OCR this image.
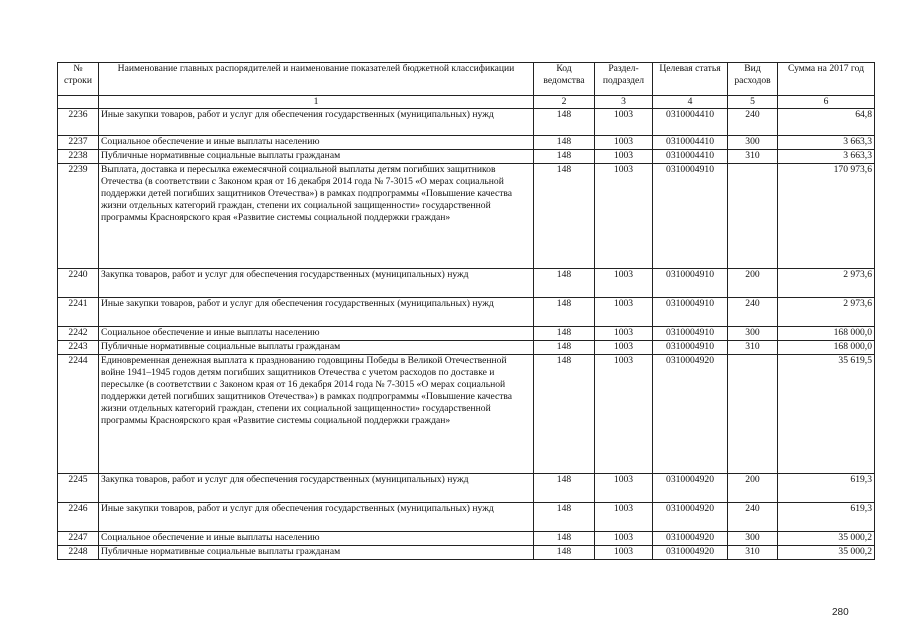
№ строки	Наименование главных распорядителей и наименование показателей бюджетной классификации	Код ведомства	Раздел-подраздел	Целевая статья	Вид расходов	Сумма на 2017 год
	1	2	3	4	5	6
2236	Иные закупки товаров, работ и услуг для обеспечения государственных (муниципальных) нужд	148	1003	0310004410	240	64,8
2237	Социальное обеспечение и иные выплаты населению	148	1003	0310004410	300	3 663,3
2238	Публичные нормативные социальные выплаты гражданам	148	1003	0310004410	310	3 663,3
2239	Выплата, доставка и пересылка ежемесячной социальной выплаты детям погибших защитников Отечества (в соответствии с Законом края от 16 декабря 2014 года № 7-3015 «О мерах социальной поддержки детей погибших защитников Отечества») в рамках подпрограммы «Повышение качества жизни отдельных категорий граждан, степени их социальной защищенности» государственной программы Красноярского края «Развитие системы социальной поддержки граждан»	148	1003	0310004910		170 973,6
2240	Закупка товаров, работ и услуг для обеспечения государственных (муниципальных) нужд	148	1003	0310004910	200	2 973,6
2241	Иные закупки товаров, работ и услуг для обеспечения государственных (муниципальных) нужд	148	1003	0310004910	240	2 973,6
2242	Социальное обеспечение и иные выплаты населению	148	1003	0310004910	300	168 000,0
2243	Публичные нормативные социальные выплаты гражданам	148	1003	0310004910	310	168 000,0
2244	Единовременная денежная выплата к празднованию годовщины Победы в Великой Отечественной войне 1941–1945 годов детям погибших защитников Отечества с учетом расходов по доставке и пересылке (в соответствии с Законом края от 16 декабря 2014 года № 7-3015 «О мерах социальной поддержки детей погибших защитников Отечества») в рамках подпрограммы «Повышение качества жизни отдельных категорий граждан, степени их социальной защищенности» государственной программы Красноярского края «Развитие системы социальной поддержки граждан»	148	1003	0310004920		35 619,5
2245	Закупка товаров, работ и услуг для обеспечения государственных (муниципальных) нужд	148	1003	0310004920	200	619,3
2246	Иные закупки товаров, работ и услуг для обеспечения государственных (муниципальных) нужд	148	1003	0310004920	240	619,3
2247	Социальное обеспечение и иные выплаты населению	148	1003	0310004920	300	35 000,2
2248	Публичные нормативные социальные выплаты гражданам	148	1003	0310004920	310	35 000,2
280
